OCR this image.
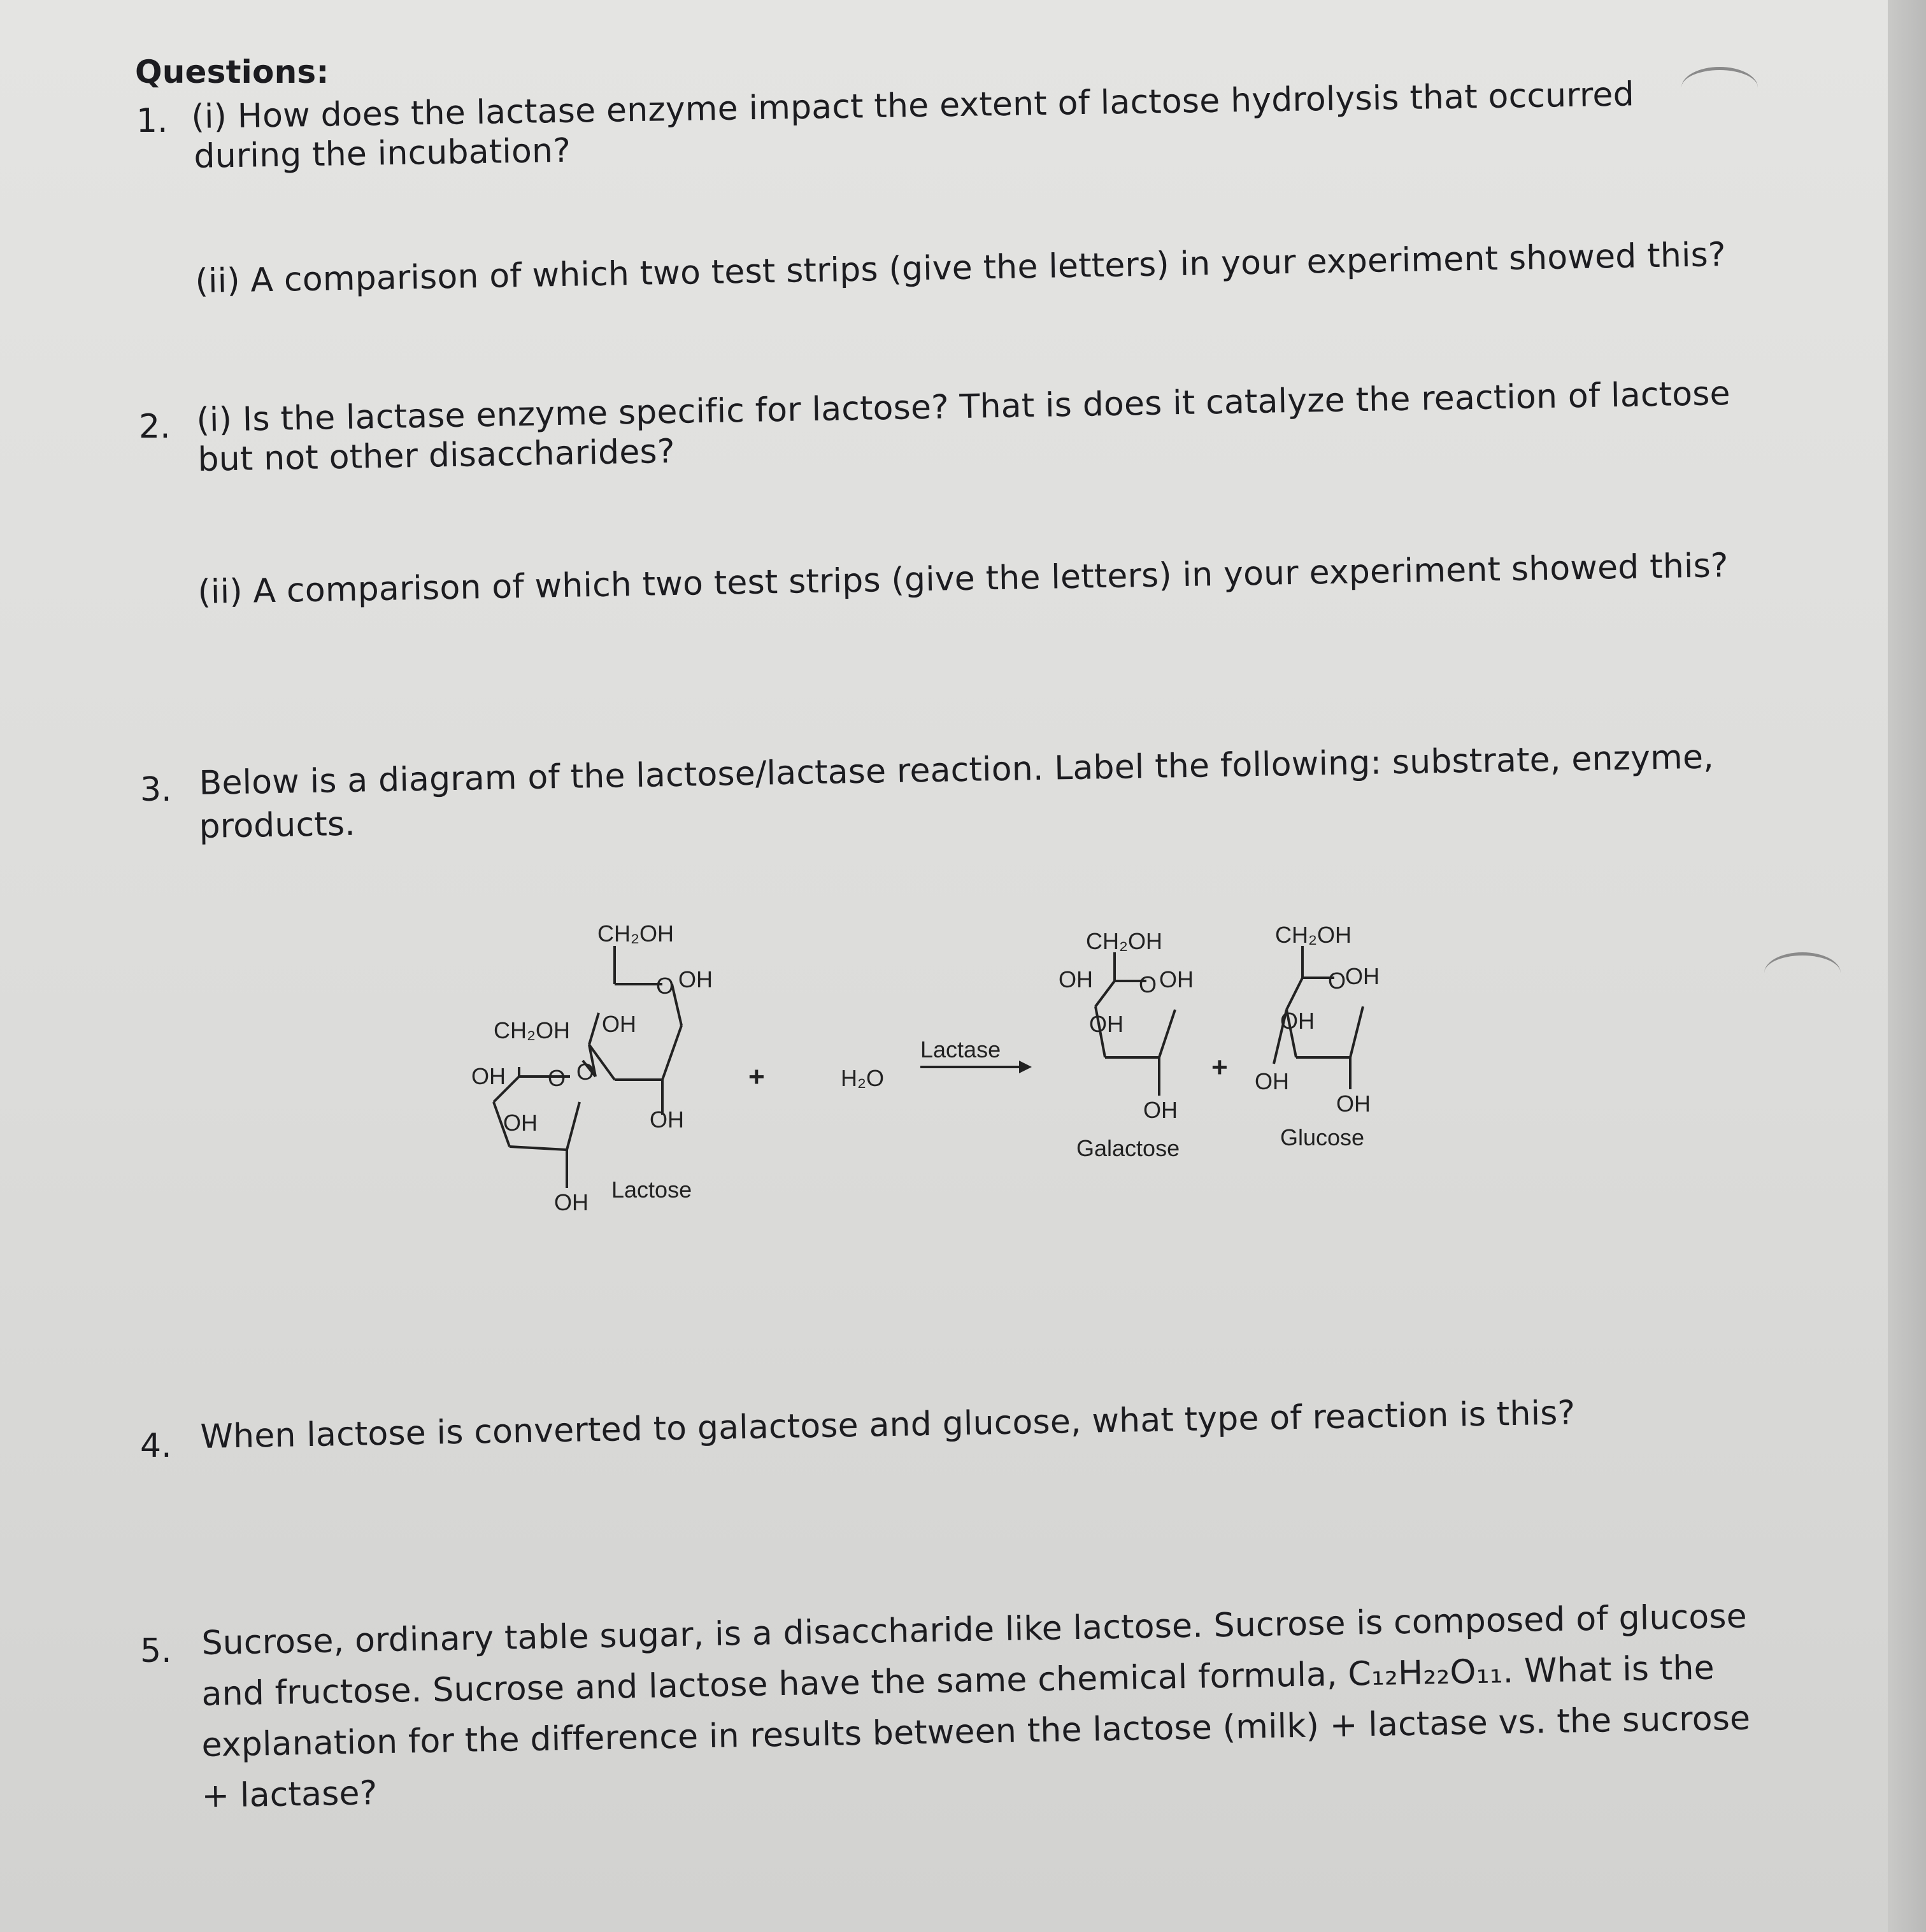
Questions:
1. (i) How does the lactase enzyme impact the extent of lactose hydrolysis that occurred
during the incubation?
(ii) A comparison of which two test strips (give the letters) in your experiment showed this?
2. (i) Is the lactase enzyme specific for lactose? That is does it catalyze the reaction of lactose
but not other disaccharides?
(ii) A comparison of which two test strips (give the letters) in your experiment showed this?
3. Below is a diagram of the lactose/lactase reaction. Label the following: substrate, enzyme,
products.
CH₂OH
O OH
CH₂OH OH
OH O O
OH	OH
OH Lactose
+	H₂O
Lactase
CH₂OH
OH O OH
OH
OH
Galactose
+
CH₂OH
O
OH
OH
OH
OH
Glucose
4. When lactose is converted to galactose and glucose, what type of reaction is this?
5. Sucrose, ordinary table sugar, is a disaccharide like lactose. Sucrose is composed of glucose
and fructose. Sucrose and lactose have the same chemical formula, C₁₂H₂₂O₁₁. What is the
explanation for the difference in results between the lactose (milk) + lactase vs. the sucrose
+ lactase?
